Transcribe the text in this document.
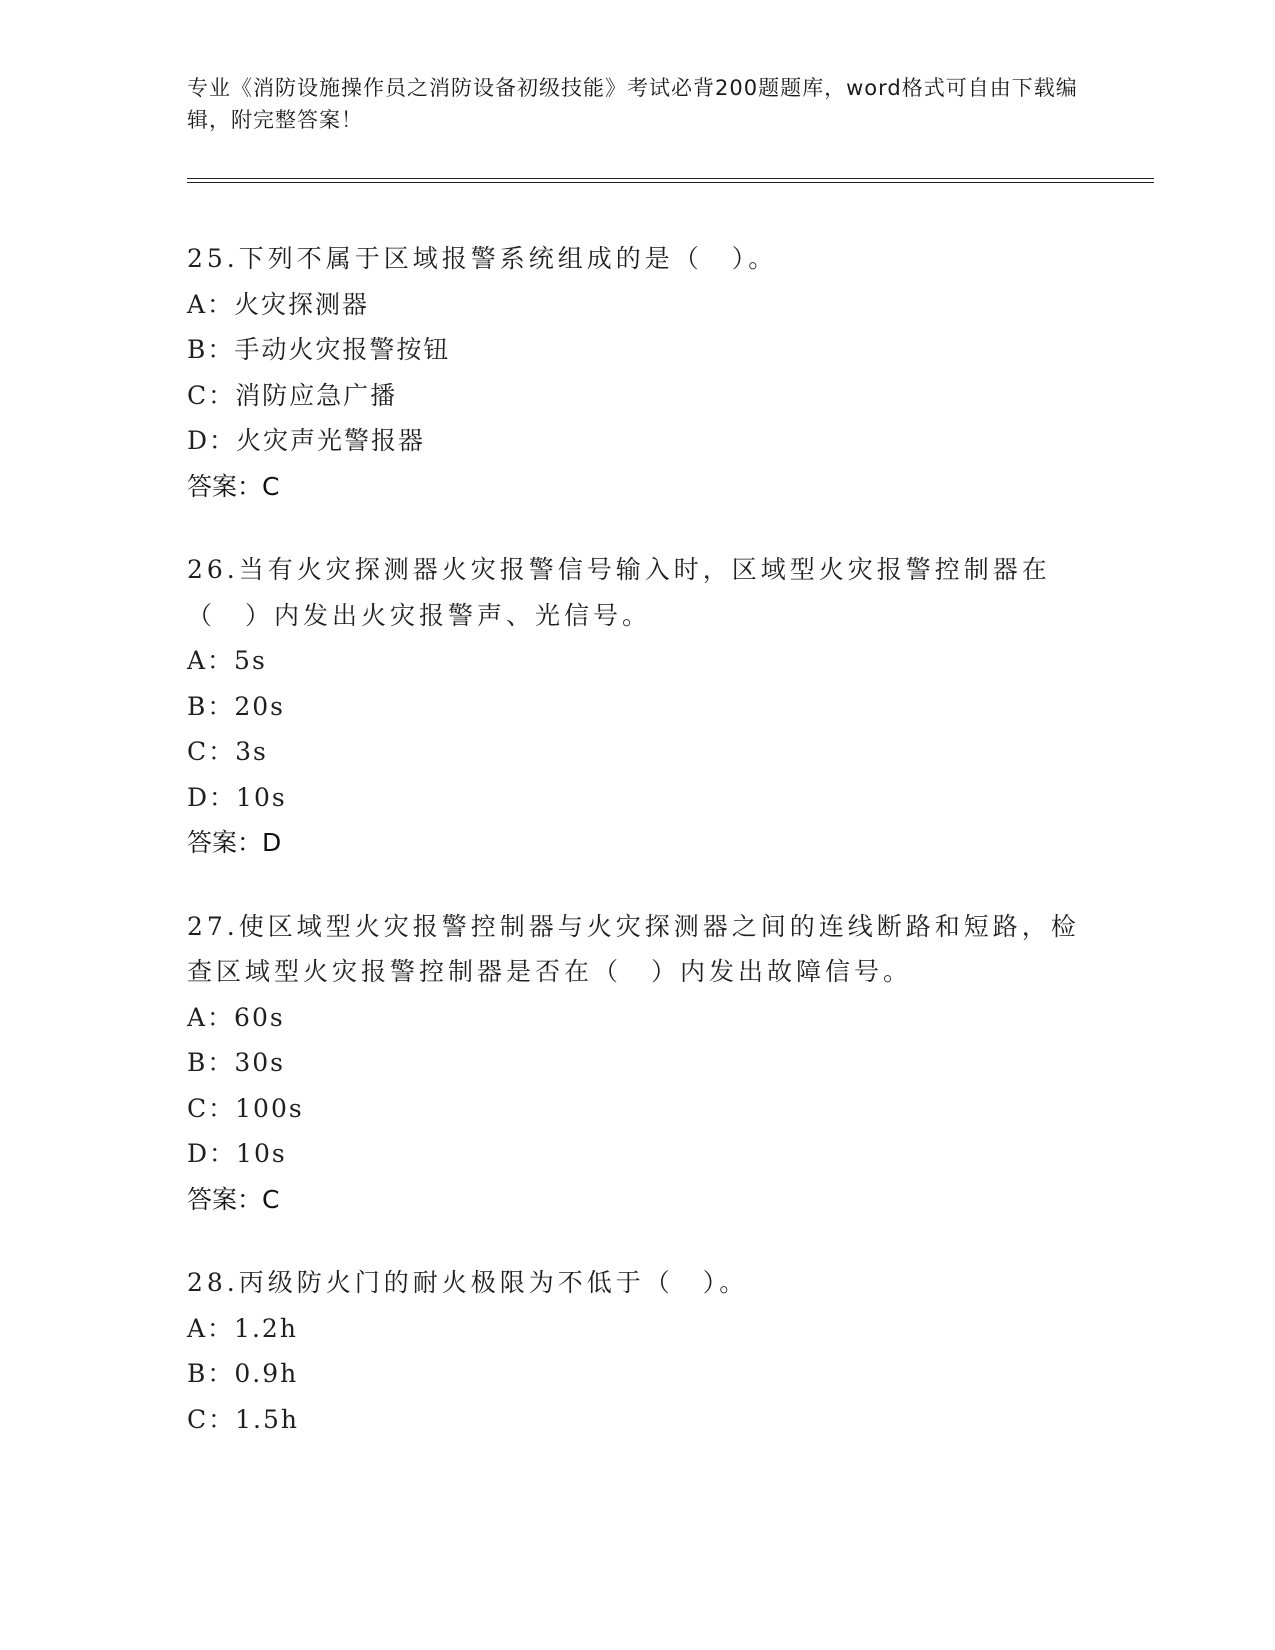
专业《消防设施操作员之消防设备初级技能》考试必背200题题库，word格式可自由下载编辑，附完整答案！
25.下列不属于区域报警系统组成的是（　）。
A：火灾探测器
B：手动火灾报警按钮
C：消防应急广播
D：火灾声光警报器
答案：C
26.当有火灾探测器火灾报警信号输入时，区域型火灾报警控制器在（　）内发出火灾报警声、光信号。
A：5s
B：20s
C：3s
D：10s
答案：D
27.使区域型火灾报警控制器与火灾探测器之间的连线断路和短路，检查区域型火灾报警控制器是否在（　）内发出故障信号。
A：60s
B：30s
C：100s
D：10s
答案：C
28.丙级防火门的耐火极限为不低于（　）。
A：1.2h
B：0.9h
C：1.5h
